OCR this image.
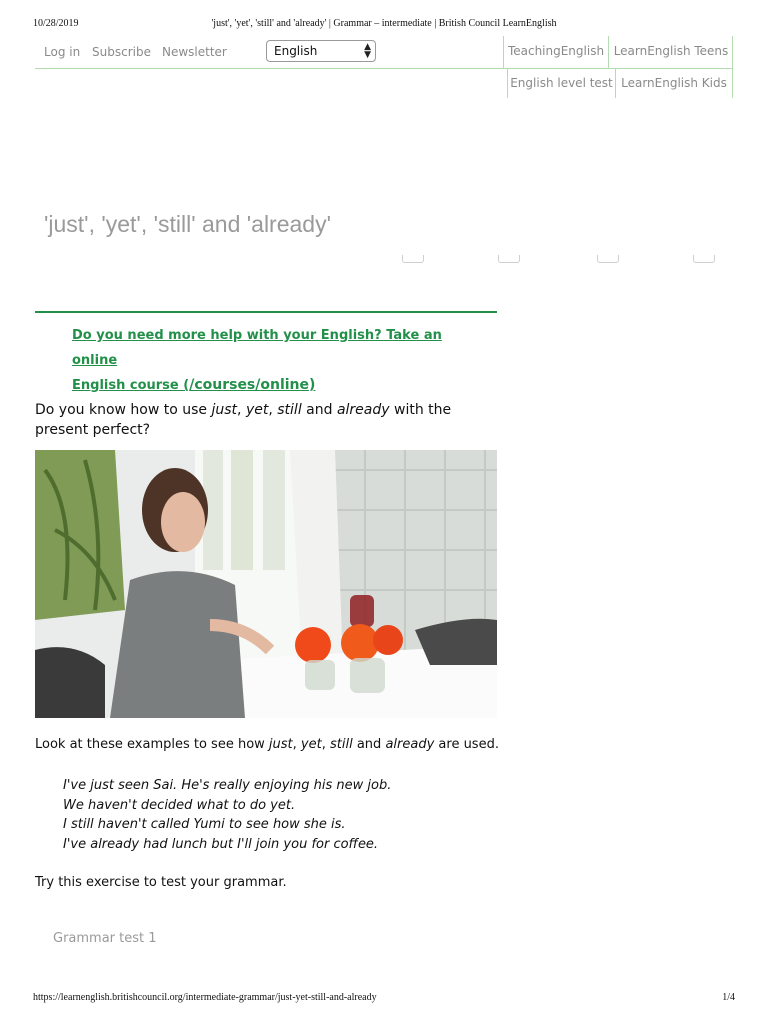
10/28/2019	'just', 'yet', 'still' and 'already' | Grammar – intermediate | British Council LearnEnglish
Log in Subscribe Newsletter	English	▲
▼	TeachingEnglish LearnEnglish Teens
English level test LearnEnglish Kids
'just', 'yet', 'still' and 'already'
Do you need more help with your English? Take an online
English course (/courses/online)
Do you know how to use just, yet, still and already with the present perfect?
Look at these examples to see how just, yet, still and already are used.
I've just seen Sai. He's really enjoying his new job.
We haven't decided what to do yet.
I still haven't called Yumi to see how she is.
I've already had lunch but I'll join you for coffee.
Try this exercise to test your grammar.
Grammar test 1
https://learnenglish.britishcouncil.org/intermediate-grammar/just-yet-still-and-already	1/4
